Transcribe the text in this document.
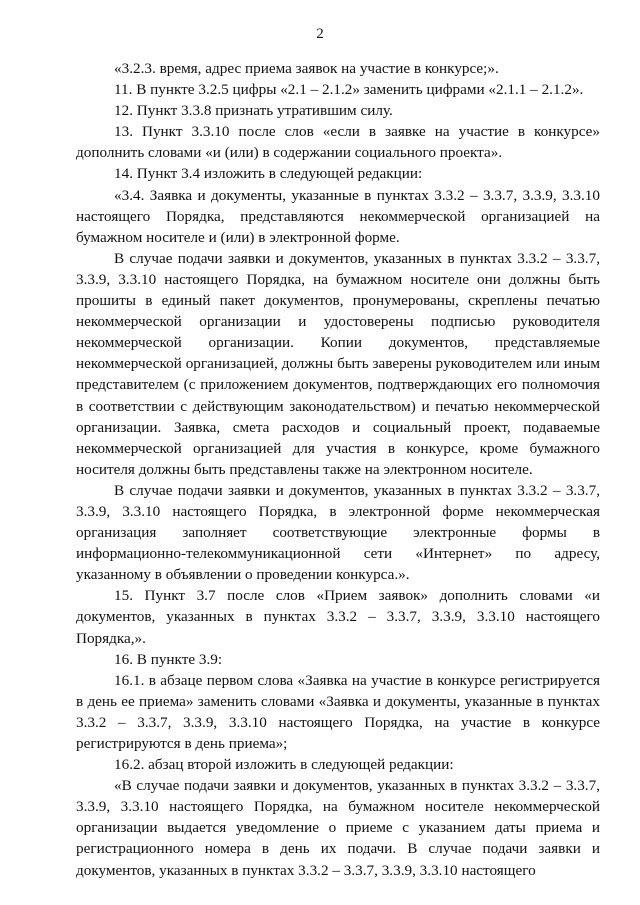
2

«3.2.3. время, адрес приема заявок на участие в конкурсе;».

11. В пункте 3.2.5 цифры «2.1 – 2.1.2» заменить цифрами «2.1.1 – 2.1.2».

12. Пункт 3.3.8 признать утратившим силу.

13. Пункт 3.3.10 после слов «если в заявке на участие в конкурсе» дополнить словами «и (или) в содержании социального проекта».

14. Пункт 3.4 изложить в следующей редакции:

«3.4. Заявка и документы, указанные в пунктах 3.3.2 – 3.3.7, 3.3.9, 3.3.10 настоящего Порядка, представляются некоммерческой организацией на бумажном носителе и (или) в электронной форме.

В случае подачи заявки и документов, указанных в пунктах 3.3.2 – 3.3.7, 3.3.9, 3.3.10 настоящего Порядка, на бумажном носителе они должны быть прошиты в единый пакет документов, пронумерованы, скреплены печатью некоммерческой организации и удостоверены подписью руководителя некоммерческой организации. Копии документов, представляемые некоммерческой организацией, должны быть заверены руководителем или иным представителем (с приложением документов, подтверждающих его полномочия в соответствии с действующим законодательством) и печатью некоммерческой организации. Заявка, смета расходов и социальный проект, подаваемые некоммерческой организацией для участия в конкурсе, кроме бумажного носителя должны быть представлены также на электронном носителе.

В случае подачи заявки и документов, указанных в пунктах 3.3.2 – 3.3.7, 3.3.9, 3.3.10 настоящего Порядка, в электронной форме некоммерческая организация заполняет соответствующие электронные формы в информационно-телекоммуникационной сети «Интернет» по адресу, указанному в объявлении о проведении конкурса.».

15. Пункт 3.7 после слов «Прием заявок» дополнить словами «и документов, указанных в пунктах 3.3.2 – 3.3.7, 3.3.9, 3.3.10 настоящего Порядка,».

16. В пункте 3.9:

16.1. в абзаце первом слова «Заявка на участие в конкурсе регистрируется в день ее приема» заменить словами «Заявка и документы, указанные в пунктах 3.3.2 – 3.3.7, 3.3.9, 3.3.10 настоящего Порядка, на участие в конкурсе регистрируются в день приема»;

16.2. абзац второй изложить в следующей редакции:

«В случае подачи заявки и документов, указанных в пунктах 3.3.2 – 3.3.7, 3.3.9, 3.3.10 настоящего Порядка, на бумажном носителе некоммерческой организации выдается уведомление о приеме с указанием даты приема и регистрационного номера в день их подачи. В случае подачи заявки и документов, указанных в пунктах 3.3.2 – 3.3.7, 3.3.9, 3.3.10 настоящего
